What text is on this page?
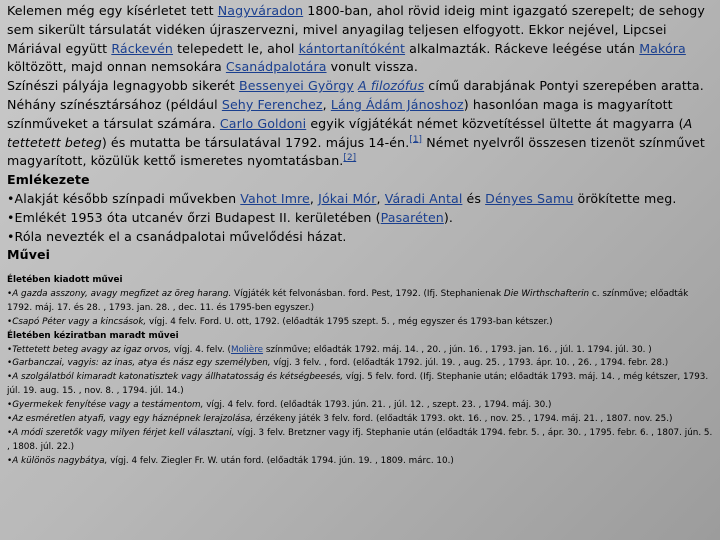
Kelemen még egy kísérletet tett Nagyváradon 1800-ban, ahol rövid ideig mint igazgató szerepelt; de sehogy sem sikerült társulatát vidéken újraszervezni, mivel anyagilag teljesen elfogyott. Ekkor nejével, Lipcsei Máriával együtt Ráckevén telepedett le, ahol kántortanítóként alkalmazták. Ráckeve leégése után Makóra költözött, majd onnan nemsokára Csanádpalotára vonult vissza.

Színészi pályája legnagyobb sikerét Bessenyei György A filozófus című darabjának Pontyi szerepében aratta. Néhány színésztársához (például Sehy Ferenchez, Láng Ádám Jánoshoz) hasonlóan maga is magyarított színműveket a társulat számára. Carlo Goldoni egyik vígjátékát német közvetítéssel ültette át magyarra (A tettetett beteg) és mutatta be társulatával 1792. május 14-én.[1] Német nyelvről összesen tizenöt színművet magyarított, közülük kettő ismeretes nyomtatásban.[2]

Emlékezete

•Alakját később színpadi művekben Vahot Imre, Jókai Mór, Váradi Antal és Dényes Samu örökítette meg.

•Emlékét 1953 óta utcanév őrzi Budapest II. kerületében (Pasaréten).

•Róla nevezték el a csanádpalotai művelődési házat.

Művei

Életében kiadott művei

•A gazda asszony, avagy megfizet az öreg harang. Vígjáték két felvonásban. ford. Pest, 1792. (Ifj. Stephanienak Die Wirthschafterin c. színműve; előadták 1792. máj. 17. és 28. , 1793. jan. 28. , dec. 11. és 1795-ben egyszer.)

•Csapó Péter vagy a kincsások, vígj. 4 felv. Ford. U. ott, 1792. (előadták 1795 szept. 5. , még egyszer és 1793-ban kétszer.)

Életében kéziratban maradt művei

•Tettetett beteg avagy az igaz orvos, vígj. 4. felv. (Molière színműve; előadták 1792. máj. 14. , 20. , jún. 16. , 1793. jan. 16. , júl. 1. 1794. júl. 30. )

•Garbanczai, vagyis: az inas, atya és nász egy személyben, vígj. 3 felv. , ford. (előadták 1792. júl. 19. , aug. 25. , 1793. ápr. 10. , 26. , 1794. febr. 28.)

•A szolgálatból kimaradt katonatisztek vagy állhatatosság és kétségbeesés, vígj. 5 felv. ford. (Ifj. Stephanie után; előadták 1793. máj. 14. , még kétszer, 1793. júl. 19. aug. 15. , nov. 8. , 1794. júl. 14.)

•Gyermekek fenyítése vagy a testámentom, vígj. 4 felv. ford. (előadták 1793. jún. 21. , júl. 12. , szept. 23. , 1794. máj. 30.)

•Az esméretlen atyafi, vagy egy háznépnek lerajzolása, érzékeny játék 3 felv. ford. (előadták 1793. okt. 16. , nov. 25. , 1794. máj. 21. , 1807. nov. 25.)

•A módi szeretők vagy milyen férjet kell választani, vígj. 3 felv. Bretzner vagy ifj. Stephanie után (előadták 1794. febr. 5. , ápr. 30. , 1795. febr. 6. , 1807. jún. 5. , 1808. júl. 22.)

•A különös nagybátya, vígj. 4 felv. Ziegler Fr. W. után ford. (előadták 1794. jún. 19. , 1809. márc. 10.)
